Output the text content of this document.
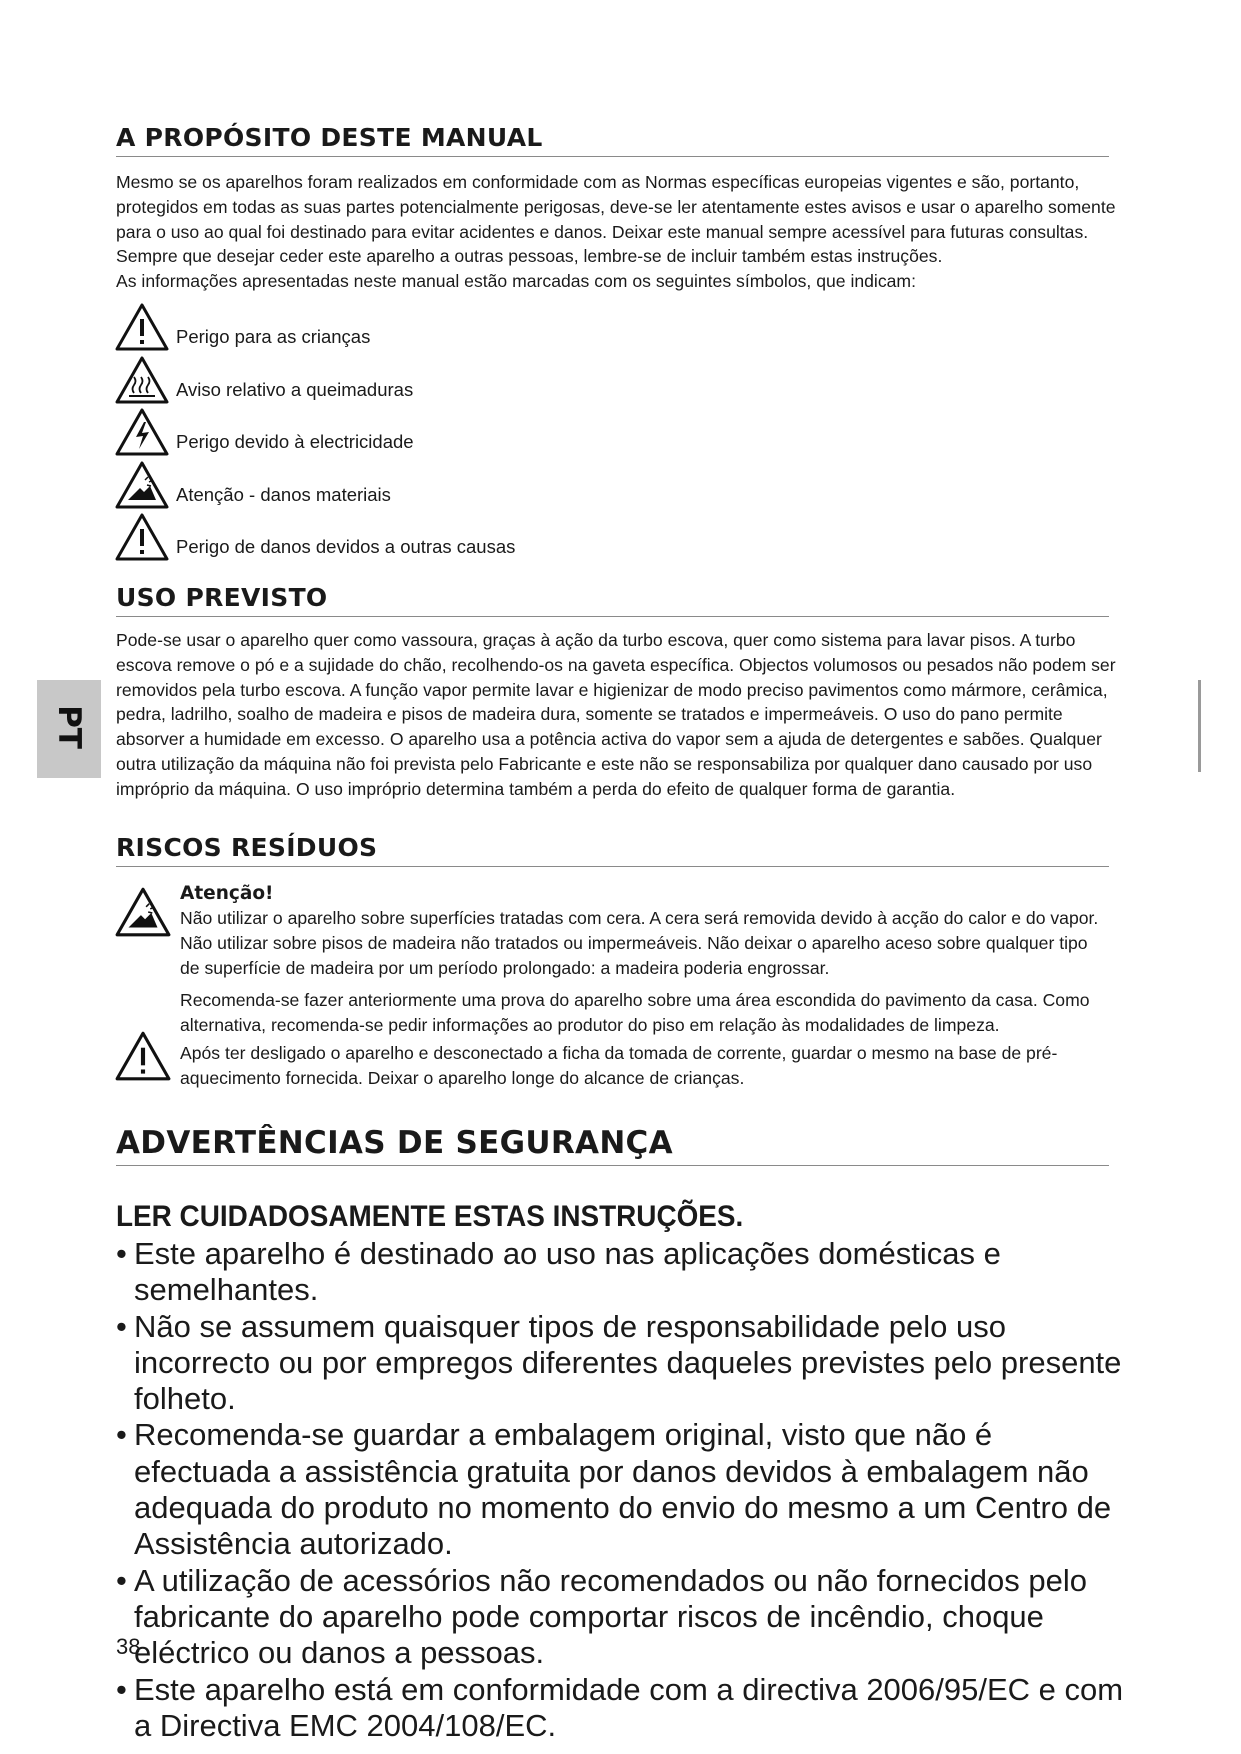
PT
A PROPÓSITO DESTE MANUAL

Mesmo se os aparelhos foram realizados em conformidade com as Normas específicas europeias vigentes e são, portanto, protegidos em todas as suas partes potencialmente perigosas, deve-se ler atentamente estes avisos e usar o aparelho somente para o uso ao qual foi destinado para evitar acidentes e danos. Deixar este manual sempre acessível para futuras consultas. Sempre que desejar ceder este aparelho a outras pessoas, lembre-se de incluir também estas instruções.

As informações apresentadas neste manual estão marcadas com os seguintes símbolos, que indicam:

Perigo para as crianças
Aviso relativo a queimaduras
Perigo devido à electricidade
Atenção - danos materiais
Perigo de danos devidos a outras causas
USO PREVISTO

Pode-se usar o aparelho quer como vassoura, graças à ação da turbo escova, quer como sistema para lavar pisos. A turbo escova remove o pó e a sujidade do chão, recolhendo-os na gaveta específica. Objectos volumosos ou pesados não podem ser removidos pela turbo escova. A função vapor permite lavar e higienizar de modo preciso pavimentos como mármore, cerâmica, pedra, ladrilho, soalho de madeira e pisos de madeira dura, somente se tratados e impermeáveis. O uso do pano permite absorver a humidade em excesso. O aparelho usa a potência activa do vapor sem a ajuda de detergentes e sabões. Qualquer outra utilização da máquina não foi prevista pelo Fabricante e este não se responsabiliza por qualquer dano causado por uso impróprio da máquina. O uso impróprio determina também a perda do efeito de qualquer forma de garantia.

RISCOS RESÍDUOS
Atenção!
Não utilizar o aparelho sobre superfícies tratadas com cera. A cera será removida devido à acção do calor e do vapor. Não utilizar sobre pisos de madeira não tratados ou impermeáveis. Não deixar o aparelho aceso sobre qualquer tipo de superfície de madeira por um período prolongado: a madeira poderia engrossar.

Recomenda-se fazer anteriormente uma prova do aparelho sobre uma área escondida do pavimento da casa. Como alternativa, recomenda-se pedir informações ao produtor do piso em relação às modalidades de limpeza.

Após ter desligado o aparelho e desconectado a ficha da tomada de corrente, guardar o mesmo na base de pré-aquecimento fornecida. Deixar o aparelho longe do alcance de crianças.

ADVERTÊNCIAS DE SEGURANÇA
LER CUIDADOSAMENTE ESTAS INSTRUÇÕES.
• Este aparelho é destinado ao uso nas aplicações domésticas e semelhantes.
• Não se assumem quaisquer tipos de responsabilidade pelo uso incorrecto ou por empregos diferentes daqueles previstes pelo presente folheto.
• Recomenda-se guardar a embalagem original, visto que não é efectuada a assistência gratuita por danos devidos à embalagem não adequada do produto no momento do envio do mesmo a um Centro de Assistência autorizado.
• A utilização de acessórios não recomendados ou não fornecidos pelo fabricante do aparelho pode comportar riscos de incêndio, choque eléctrico ou danos a pessoas.
• Este aparelho está em conformidade com a directiva 2006/95/EC e com a Directiva EMC 2004/108/EC.
38
